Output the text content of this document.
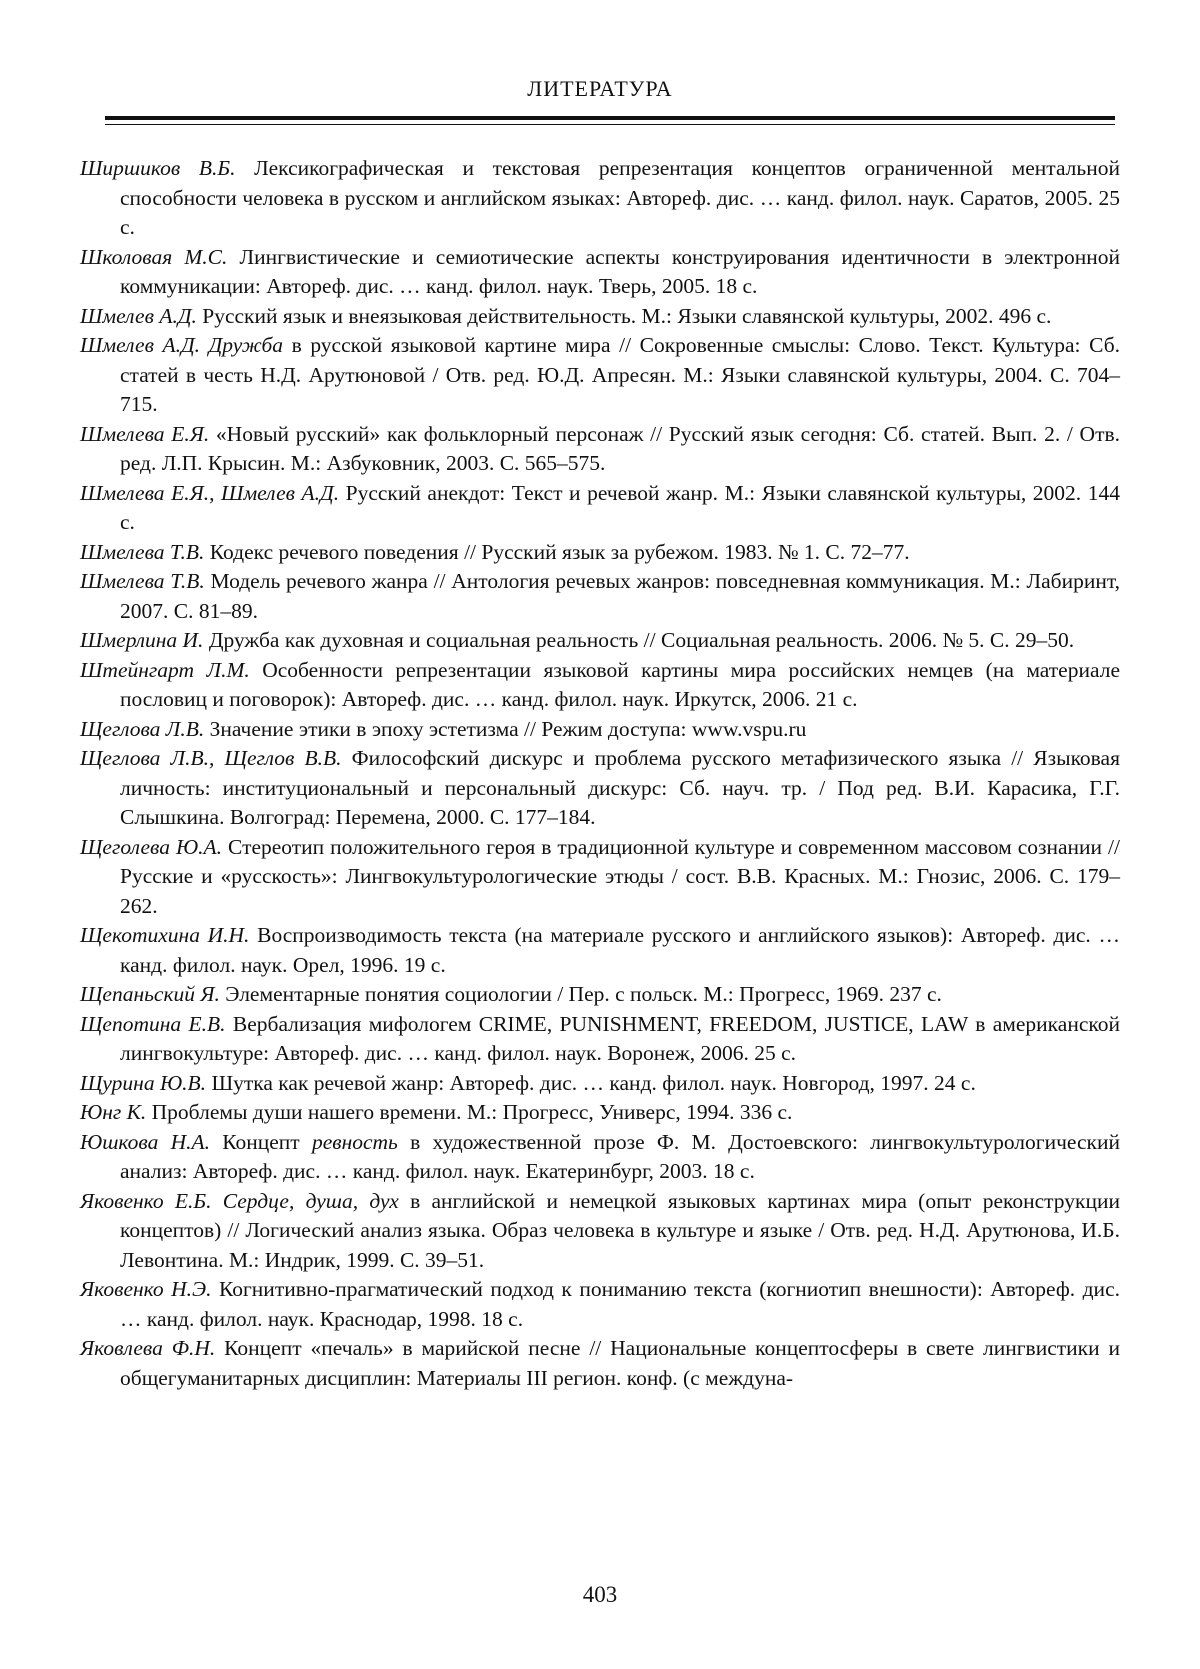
ЛИТЕРАТУРА

Ширшиков В.Б. Лексикографическая и текстовая репрезентация концептов ограниченной ментальной способности человека в русском и английском языках: Автореф. дис. … канд. филол. наук. Саратов, 2005. 25 с.

Школовая М.С. Лингвистические и семиотические аспекты конструирования идентичности в электронной коммуникации: Автореф. дис. … канд. филол. наук. Тверь, 2005. 18 с.

Шмелев А.Д. Русский язык и внеязыковая действительность. М.: Языки славянской культуры, 2002. 496 с.

Шмелев А.Д. Дружба в русской языковой картине мира // Сокровенные смыслы: Слово. Текст. Культура: Сб. статей в честь Н.Д. Арутюновой / Отв. ред. Ю.Д. Апресян. М.: Языки славянской культуры, 2004. С. 704–715.

Шмелева Е.Я. «Новый русский» как фольклорный персонаж // Русский язык сегодня: Сб. статей. Вып. 2. / Отв. ред. Л.П. Крысин. М.: Азбуковник, 2003. С. 565–575.

Шмелева Е.Я., Шмелев А.Д. Русский анекдот: Текст и речевой жанр. М.: Языки славянской культуры, 2002. 144 с.

Шмелева Т.В. Кодекс речевого поведения // Русский язык за рубежом. 1983. № 1. С. 72–77.

Шмелева Т.В. Модель речевого жанра // Антология речевых жанров: повседневная коммуникация. М.: Лабиринт, 2007. С. 81–89.

Шмерлина И. Дружба как духовная и социальная реальность // Социальная реальность. 2006. № 5. С. 29–50.

Штейнгарт Л.М. Особенности репрезентации языковой картины мира российских немцев (на материале пословиц и поговорок): Автореф. дис. … канд. филол. наук. Иркутск, 2006. 21 с.

Щеглова Л.В. Значение этики в эпоху эстетизма // Режим доступа: www.vspu.ru

Щеглова Л.В., Щеглов В.В. Философский дискурс и проблема русского метафизического языка // Языковая личность: институциональный и персональный дискурс: Сб. науч. тр. / Под ред. В.И. Карасика, Г.Г. Слышкина. Волгоград: Перемена, 2000. С. 177–184.

Щеголева Ю.А. Стереотип положительного героя в традиционной культуре и современном массовом сознании // Русские и «русскость»: Лингвокультурологические этюды / сост. В.В. Красных. М.: Гнозис, 2006. С. 179–262.

Щекотихина И.Н. Воспроизводимость текста (на материале русского и английского языков): Автореф. дис. … канд. филол. наук. Орел, 1996. 19 с.

Щепаньский Я. Элементарные понятия социологии / Пер. с польск. М.: Прогресс, 1969. 237 с.

Щепотина Е.В. Вербализация мифологем CRIME, PUNISHMENT, FREEDOM, JUSTICE, LAW в американской лингвокультуре: Автореф. дис. … канд. филол. наук. Воронеж, 2006. 25 с.

Щурина Ю.В. Шутка как речевой жанр: Автореф. дис. … канд. филол. наук. Новгород, 1997. 24 с.

Юнг К. Проблемы души нашего времени. М.: Прогресс, Универс, 1994. 336 с.

Юшкова Н.А. Концепт ревность в художественной прозе Ф. М. Достоевского: лингвокультурологический анализ: Автореф. дис. … канд. филол. наук. Екатеринбург, 2003. 18 с.

Яковенко Е.Б. Сердце, душа, дух в английской и немецкой языковых картинах мира (опыт реконструкции концептов) // Логический анализ языка. Образ человека в культуре и языке / Отв. ред. Н.Д. Арутюнова, И.Б. Левонтина. М.: Индрик, 1999. С. 39–51.

Яковенко Н.Э. Когнитивно-прагматический подход к пониманию текста (когниотип внешности): Автореф. дис. … канд. филол. наук. Краснодар, 1998. 18 с.

Яковлева Ф.Н. Концепт «печаль» в марийской песне // Национальные концептосферы в свете лингвистики и общегуманитарных дисциплин: Материалы III регион. конф. (с междуна-

403
